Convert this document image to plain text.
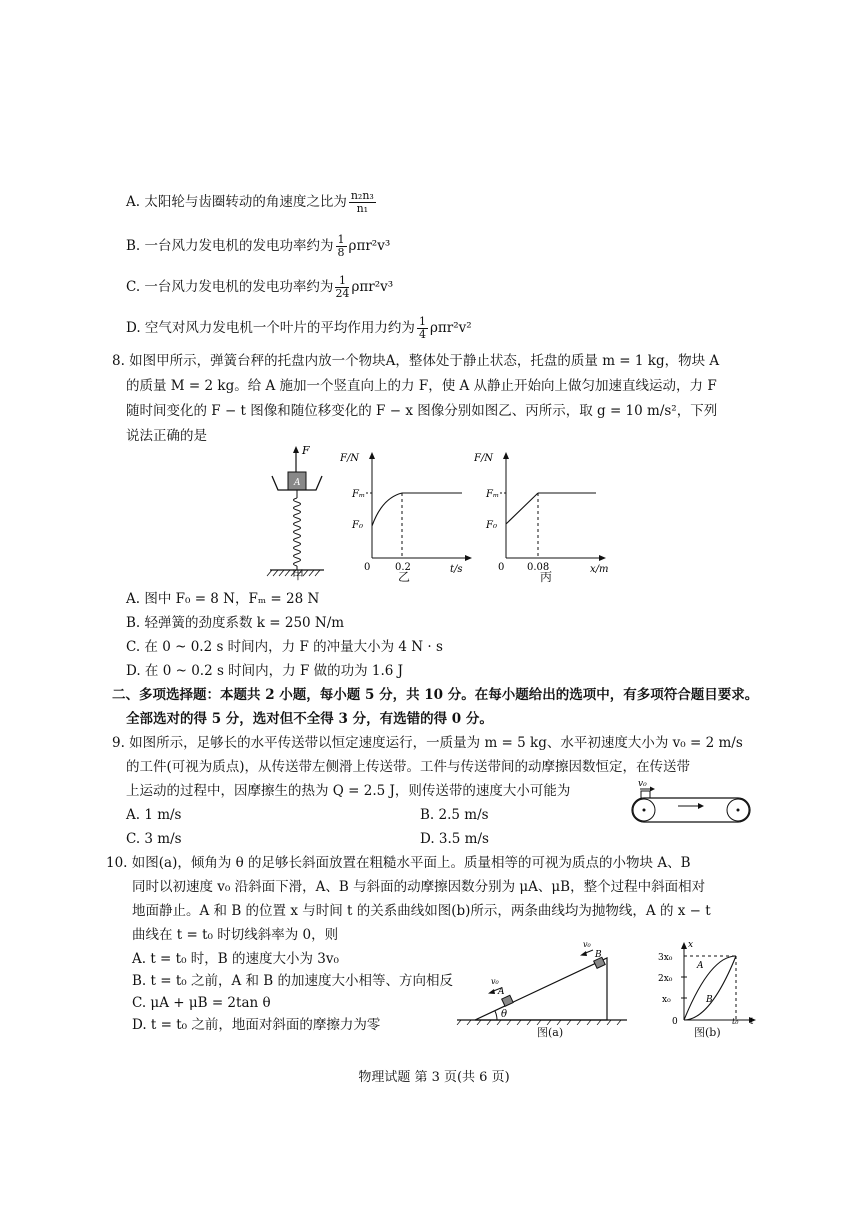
A. 太阳轮与齿圈转动的角速度之比为 $\frac{\text{n₂n₃}}{\text{n₁}}$
B. 一台风力发电机的发电功率约为 $\frac{1}{8} \rho\pi r^2v^3$
C. 一台风力发电机的发电功率约为 $\frac{1}{24} \rho\pi r^2v^3$
D. 空气对风力发电机一个叶片的平均作用力约为 $\frac{1}{4} \rho\pi r^2v^2$
8. 如图甲所示，弹簧台秤的托盘内放一个物块A，整体处于静止状态，托盘的质量 m = 1 kg，物块 A
的质量 M = 2 kg。给 A 施加一个竖直向上的力 F，使 A 从静止开始向上做匀加速直线运动，力 F
随时间变化的 F − t 图像和随位移变化的 F − x 图像分别如图乙、丙所示，取 g = 10 m/s²，下列
说法正确的是
F
A
甲
F/N
Fₘ
F₀
0 0.2	t/s
乙
F/N
Fₘ
F₀
0 0.08	x/m
丙
A. 图中 F₀ = 8 N，Fₘ = 28 N
B. 轻弹簧的劲度系数 k = 250 N/m
C. 在 0 ~ 0.2 s 时间内，力 F 的冲量大小为 4 N · s
D. 在 0 ~ 0.2 s 时间内，力 F 做的功为 1.6 J
二、多项选择题：本题共 2 小题，每小题 5 分，共 10 分。在每小题给出的选项中，有多项符合题目要求。
全部选对的得 5 分，选对但不全得 3 分，有选错的得 0 分。
9. 如图所示，足够长的水平传送带以恒定速度运行，一质量为 m = 5 kg、水平初速度大小为 v₀ = 2 m/s
的工件(可视为质点)，从传送带左侧滑上传送带。工件与传送带间的动摩擦因数恒定，在传送带
上运动的过程中，因摩擦生的热为 Q = 2.5 J，则传送带的速度大小可能为
A. 1 m/s	B. 2.5 m/s
C. 3 m/s	D. 3.5 m/s
v₀
10. 如图(a)，倾角为 θ 的足够长斜面放置在粗糙水平面上。质量相等的可视为质点的小物块 A、B
同时以初速度 v₀ 沿斜面下滑，A、B 与斜面的动摩擦因数分别为 μA、μB，整个过程中斜面相对
地面静止。A 和 B 的位置 x 与时间 t 的关系曲线如图(b)所示，两条曲线均为抛物线，A 的 x − t
曲线在 t = t₀ 时切线斜率为 0，则
A. t = t₀ 时，B 的速度大小为 3v₀
B. t = t₀ 之前，A 和 B 的加速度大小相等、方向相反
C. μA + μB = 2tan θ
D. t = t₀ 之前，地面对斜面的摩擦力为零
θ
A
v₀
B
v₀
图(a)
x
3x₀
2x₀
x₀
0
A
B
t₀ t
图(b)
物理试题 第 3 页(共 6 页)
